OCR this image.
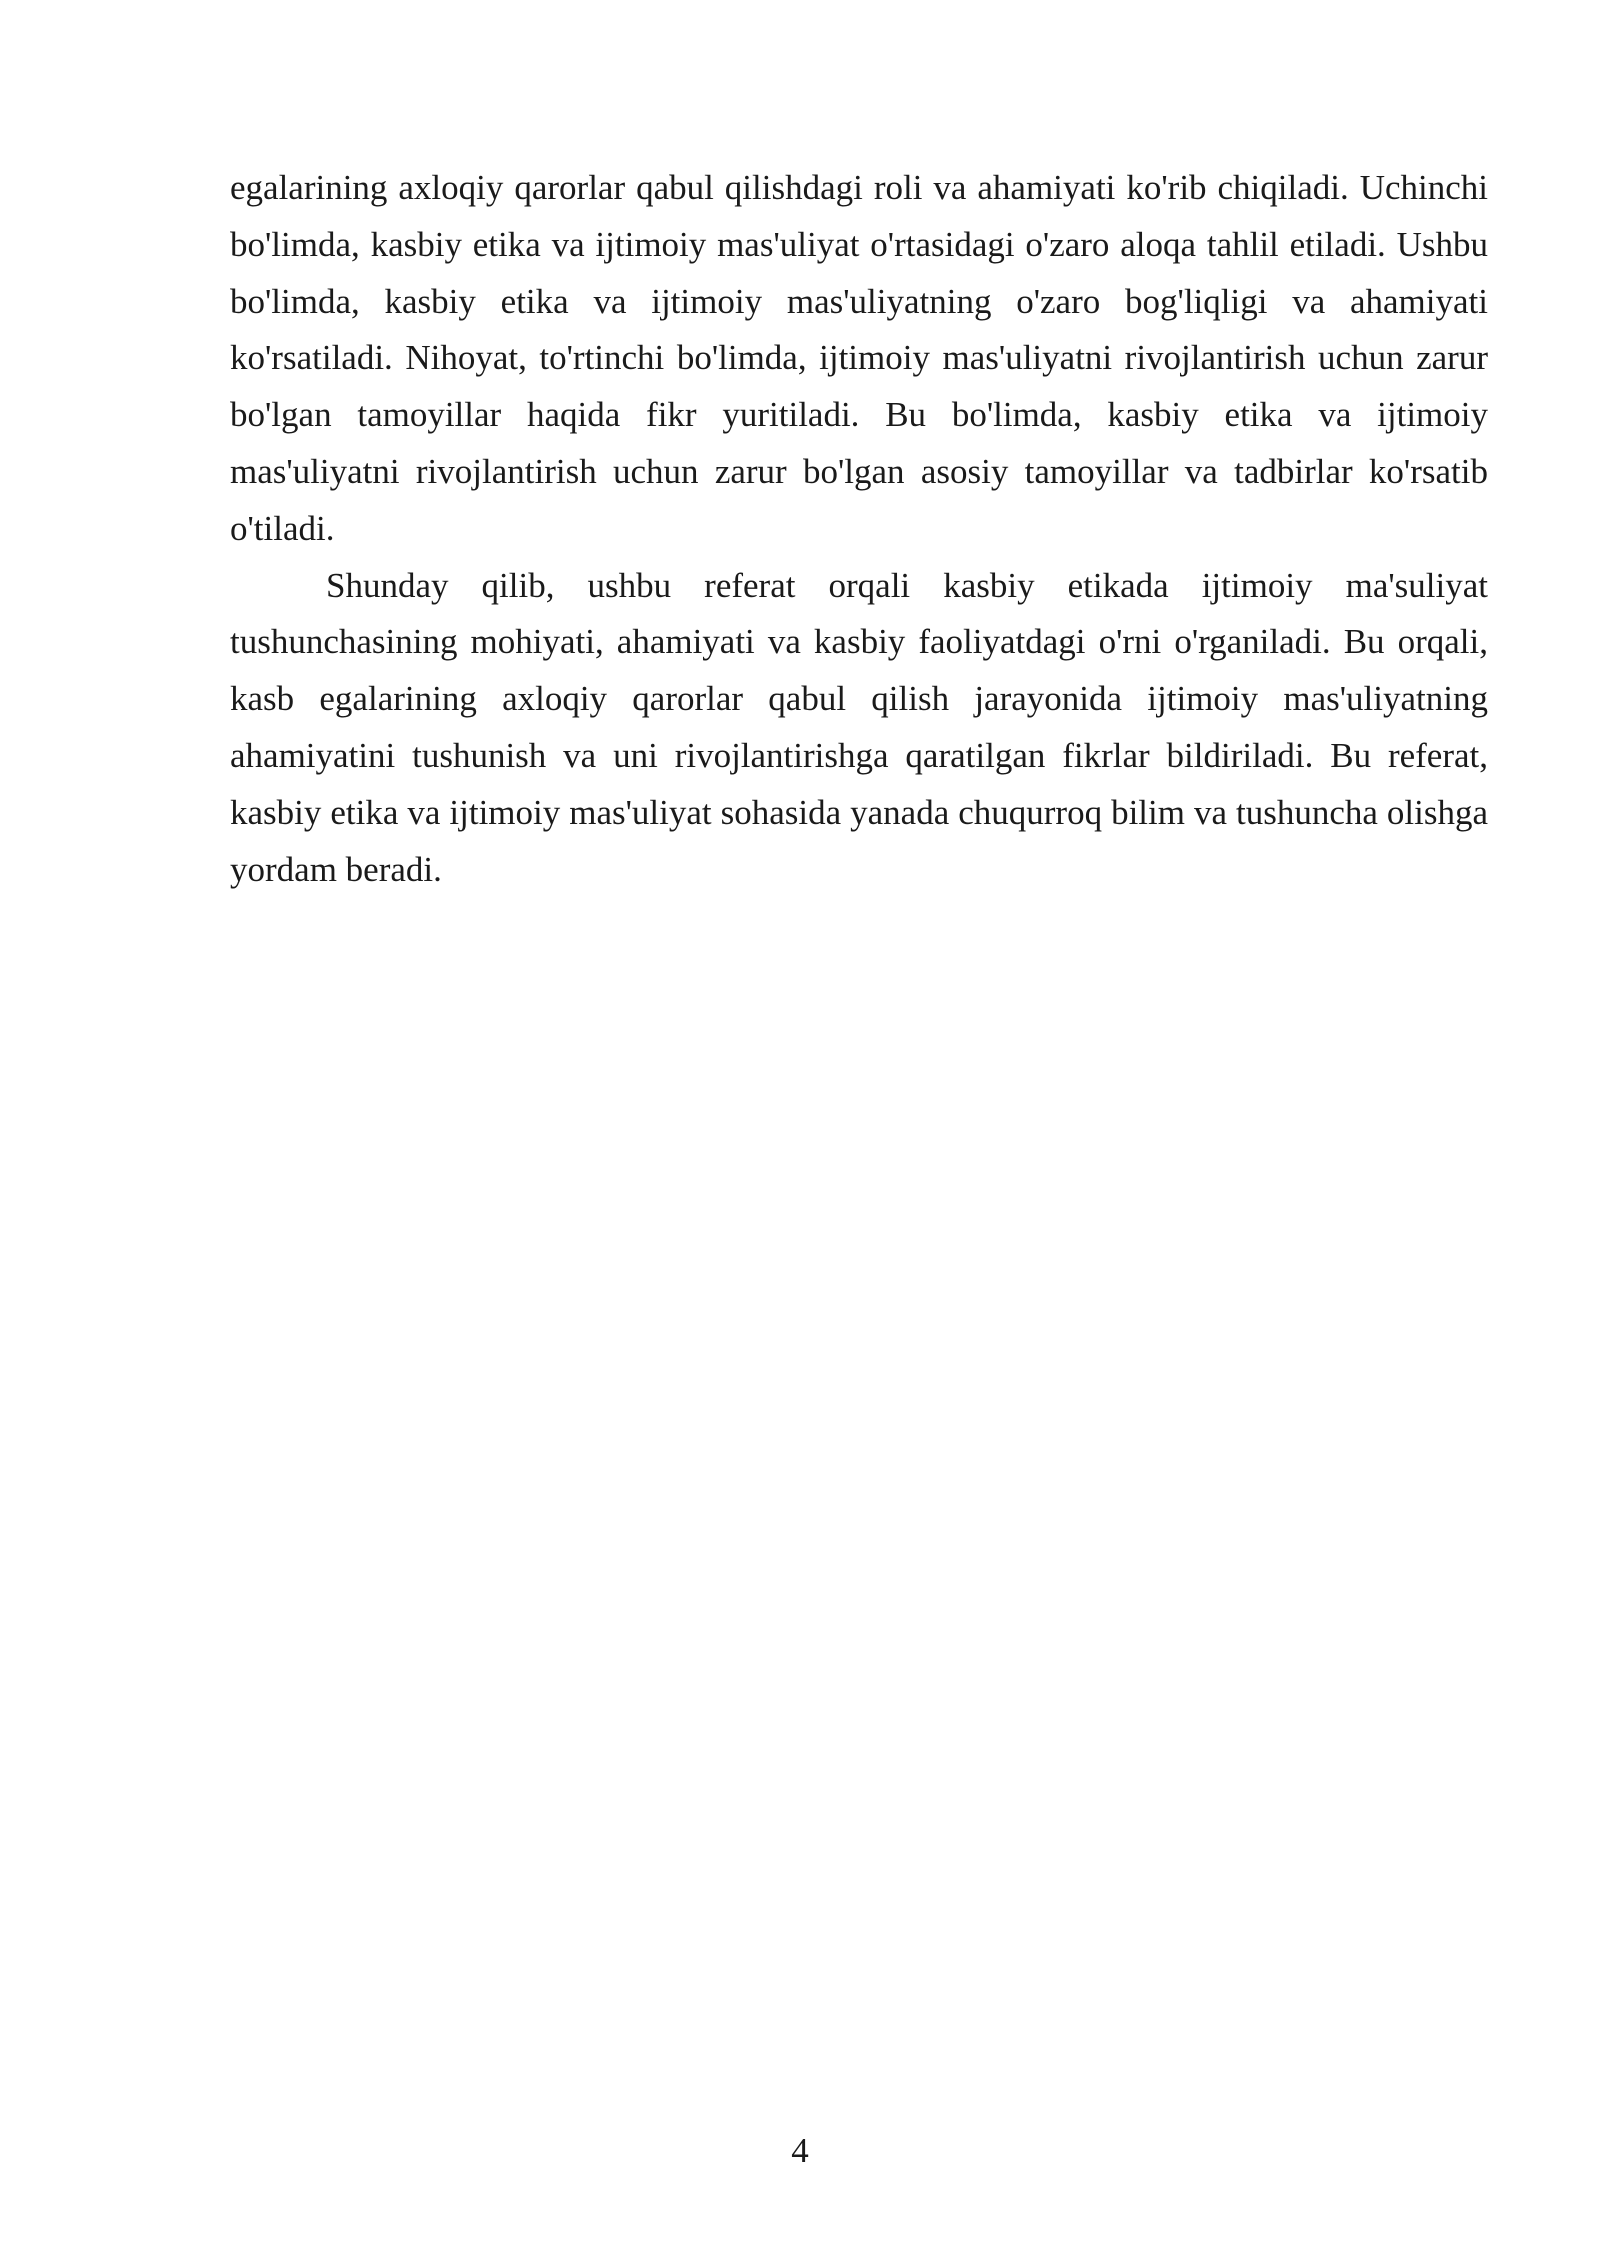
egalarining axloqiy qarorlar qabul qilishdagi roli va ahamiyati ko'rib chiqiladi. Uchinchi bo'limda, kasbiy etika va ijtimoiy mas'uliyat o'rtasidagi o'zaro aloqa tahlil etiladi. Ushbu bo'limda, kasbiy etika va ijtimoiy mas'uliyatning o'zaro bog'liqligi va ahamiyati ko'rsatiladi. Nihoyat, to'rtinchi bo'limda, ijtimoiy mas'uliyatni rivojlantirish uchun zarur bo'lgan tamoyillar haqida fikr yuritiladi. Bu bo'limda, kasbiy etika va ijtimoiy mas'uliyatni rivojlantirish uchun zarur bo'lgan asosiy tamoyillar va tadbirlar ko'rsatib o'tiladi.

Shunday qilib, ushbu referat orqali kasbiy etikada ijtimoiy ma'suliyat tushunchasining mohiyati, ahamiyati va kasbiy faoliyatdagi o'rni o'rganiladi. Bu orqali, kasb egalarining axloqiy qarorlar qabul qilish jarayonida ijtimoiy mas'uliyatning ahamiyatini tushunish va uni rivojlantirishga qaratilgan fikrlar bildiriladi. Bu referat, kasbiy etika va ijtimoiy mas'uliyat sohasida yanada chuqurroq bilim va tushuncha olishga yordam beradi.

4
